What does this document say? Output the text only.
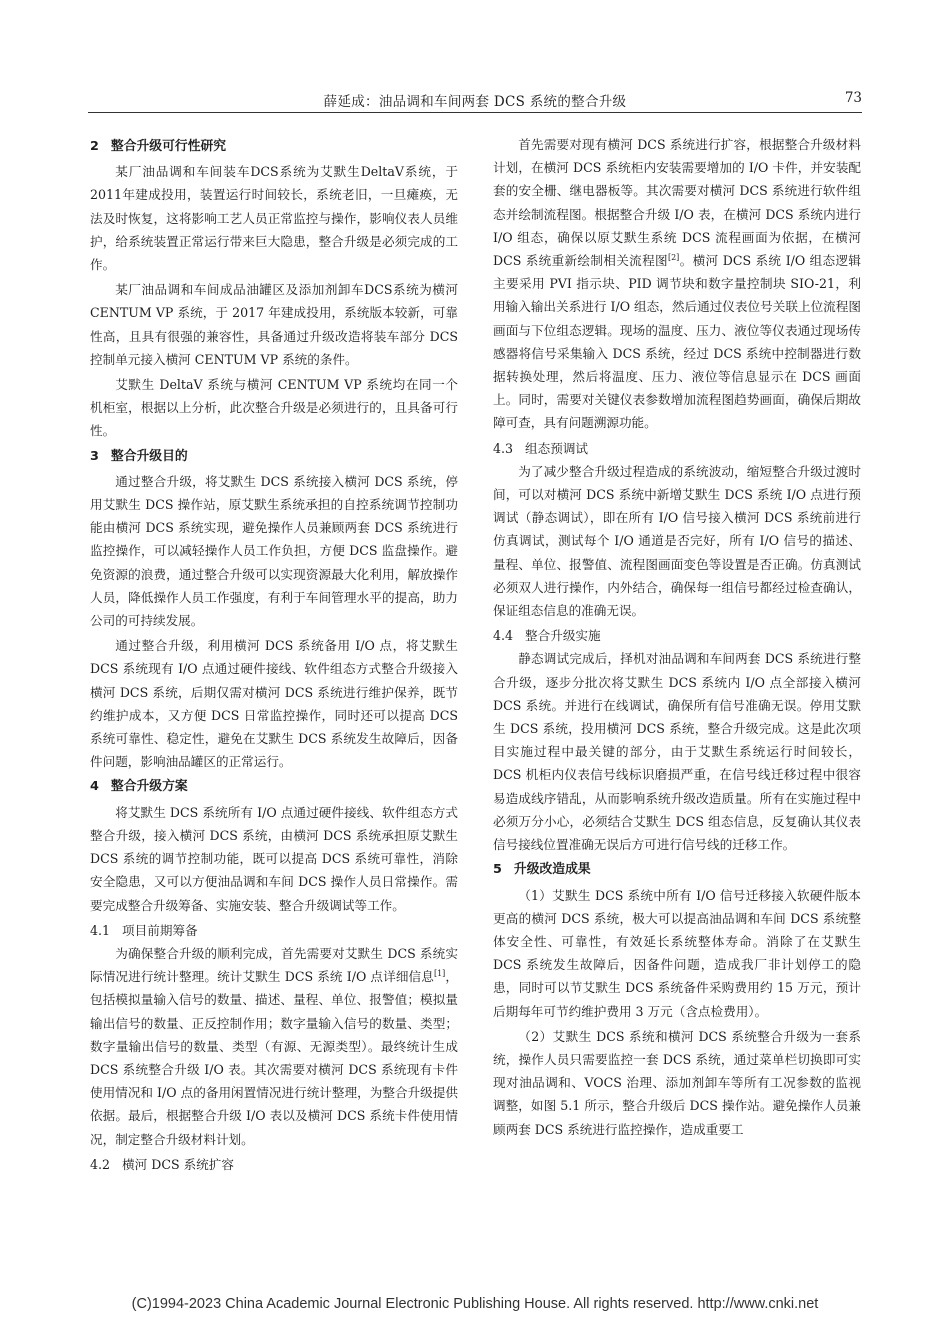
薛延成：油品调和车间两套 DCS 系统的整合升级	73
2 整合升级可行性研究

某厂油品调和车间装车DCS系统为艾默生DeltaV系统，于 2011年建成投用，装置运行时间较长，系统老旧，一旦瘫痪，无法及时恢复，这将影响工艺人员正常监控与操作，影响仪表人员维护，给系统装置正常运行带来巨大隐患，整合升级是必须完成的工作。

某厂油品调和车间成品油罐区及添加剂卸车DCS系统为横河 CENTUM VP 系统，于 2017 年建成投用，系统版本较新，可靠性高，且具有很强的兼容性，具备通过升级改造将装车部分 DCS 控制单元接入横河 CENTUM VP 系统的条件。

艾默生 DeltaV 系统与横河 CENTUM VP 系统均在同一个机柜室，根据以上分析，此次整合升级是必须进行的，且具备可行性。

3 整合升级目的

通过整合升级，将艾默生 DCS 系统接入横河 DCS 系统，停用艾默生 DCS 操作站，原艾默生系统承担的自控系统调节控制功能由横河 DCS 系统实现，避免操作人员兼顾两套 DCS 系统进行监控操作，可以减轻操作人员工作负担，方便 DCS 监盘操作。避免资源的浪费，通过整合升级可以实现资源最大化利用，解放操作人员，降低操作人员工作强度，有利于车间管理水平的提高，助力公司的可持续发展。

通过整合升级，利用横河 DCS 系统备用 I/O 点，将艾默生 DCS 系统现有 I/O 点通过硬件接线、软件组态方式整合升级接入横河 DCS 系统，后期仅需对横河 DCS 系统进行维护保养，既节约维护成本，又方便 DCS 日常监控操作，同时还可以提高 DCS 系统可靠性、稳定性，避免在艾默生 DCS 系统发生故障后，因备件问题，影响油品罐区的正常运行。

4 整合升级方案

将艾默生 DCS 系统所有 I/O 点通过硬件接线、软件组态方式整合升级，接入横河 DCS 系统，由横河 DCS 系统承担原艾默生 DCS 系统的调节控制功能，既可以提高 DCS 系统可靠性，消除安全隐患，又可以方便油品调和车间 DCS 操作人员日常操作。需要完成整合升级筹备、实施安装、整合升级调试等工作。

4.1 项目前期筹备

为确保整合升级的顺利完成，首先需要对艾默生 DCS 系统实际情况进行统计整理。统计艾默生 DCS 系统 I/O 点详细信息[1]，包括模拟量输入信号的数量、描述、量程、单位、报警值；模拟量输出信号的数量、正反控制作用；数字量输入信号的数量、类型；数字量输出信号的数量、类型（有源、无源类型）。最终统计生成 DCS 系统整合升级 I/O 表。其次需要对横河 DCS 系统现有卡件使用情况和 I/O 点的备用闲置情况进行统计整理，为整合升级提供依据。最后，根据整合升级 I/O 表以及横河 DCS 系统卡件使用情况，制定整合升级材料计划。

4.2 横河 DCS 系统扩容

首先需要对现有横河 DCS 系统进行扩容，根据整合升级材料计划，在横河 DCS 系统柜内安装需要增加的 I/O 卡件，并安装配套的安全栅、继电器板等。其次需要对横河 DCS 系统进行软件组态并绘制流程图。根据整合升级 I/O 表，在横河 DCS 系统内进行 I/O 组态，确保以原艾默生系统 DCS 流程画面为依据，在横河 DCS 系统重新绘制相关流程图[2]。横河 DCS 系统 I/O 组态逻辑主要采用 PVI 指示块、PID 调节块和数字量控制块 SIO-21，利用输入输出关系进行 I/O 组态，然后通过仪表位号关联上位流程图画面与下位组态逻辑。现场的温度、压力、液位等仪表通过现场传感器将信号采集输入 DCS 系统，经过 DCS 系统中控制器进行数据转换处理，然后将温度、压力、液位等信息显示在 DCS 画面上。同时，需要对关键仪表参数增加流程图趋势画面，确保后期故障可查，具有问题溯源功能。

4.3 组态预调试

为了减少整合升级过程造成的系统波动，缩短整合升级过渡时间，可以对横河 DCS 系统中新增艾默生 DCS 系统 I/O 点进行预调试（静态调试），即在所有 I/O 信号接入横河 DCS 系统前进行仿真调试，测试每个 I/O 通道是否完好，所有 I/O 信号的描述、量程、单位、报警值、流程图画面变色等设置是否正确。仿真测试必须双人进行操作，内外结合，确保每一组信号都经过检查确认，保证组态信息的准确无误。

4.4 整合升级实施

静态调试完成后，择机对油品调和车间两套 DCS 系统进行整合升级，逐步分批次将艾默生 DCS 系统内 I/O 点全部接入横河 DCS 系统。并进行在线调试，确保所有信号准确无误。停用艾默生 DCS 系统，投用横河 DCS 系统，整合升级完成。这是此次项目实施过程中最关键的部分，由于艾默生系统运行时间较长，DCS 机柜内仪表信号线标识磨损严重，在信号线迁移过程中很容易造成线序错乱，从而影响系统升级改造质量。所有在实施过程中必须万分小心，必须结合艾默生 DCS 组态信息，反复确认其仪表信号接线位置准确无误后方可进行信号线的迁移工作。

5 升级改造成果

（1）艾默生 DCS 系统中所有 I/O 信号迁移接入软硬件版本更高的横河 DCS 系统，极大可以提高油品调和车间 DCS 系统整体安全性、可靠性，有效延长系统整体寿命。消除了在艾默生 DCS 系统发生故障后，因备件问题，造成我厂非计划停工的隐患，同时可以节艾默生 DCS 系统备件采购费用约 15 万元，预计后期每年可节约维护费用 3 万元（含点检费用）。

（2）艾默生 DCS 系统和横河 DCS 系统整合升级为一套系统，操作人员只需要监控一套 DCS 系统，通过菜单栏切换即可实现对油品调和、VOCS 治理、添加剂卸车等所有工况参数的监视调整，如图 5.1 所示，整合升级后 DCS 操作站。避免操作人员兼顾两套 DCS 系统进行监控操作，造成重要工

(C)1994-2023 China Academic Journal Electronic Publishing House. All rights reserved. http://www.cnki.net
